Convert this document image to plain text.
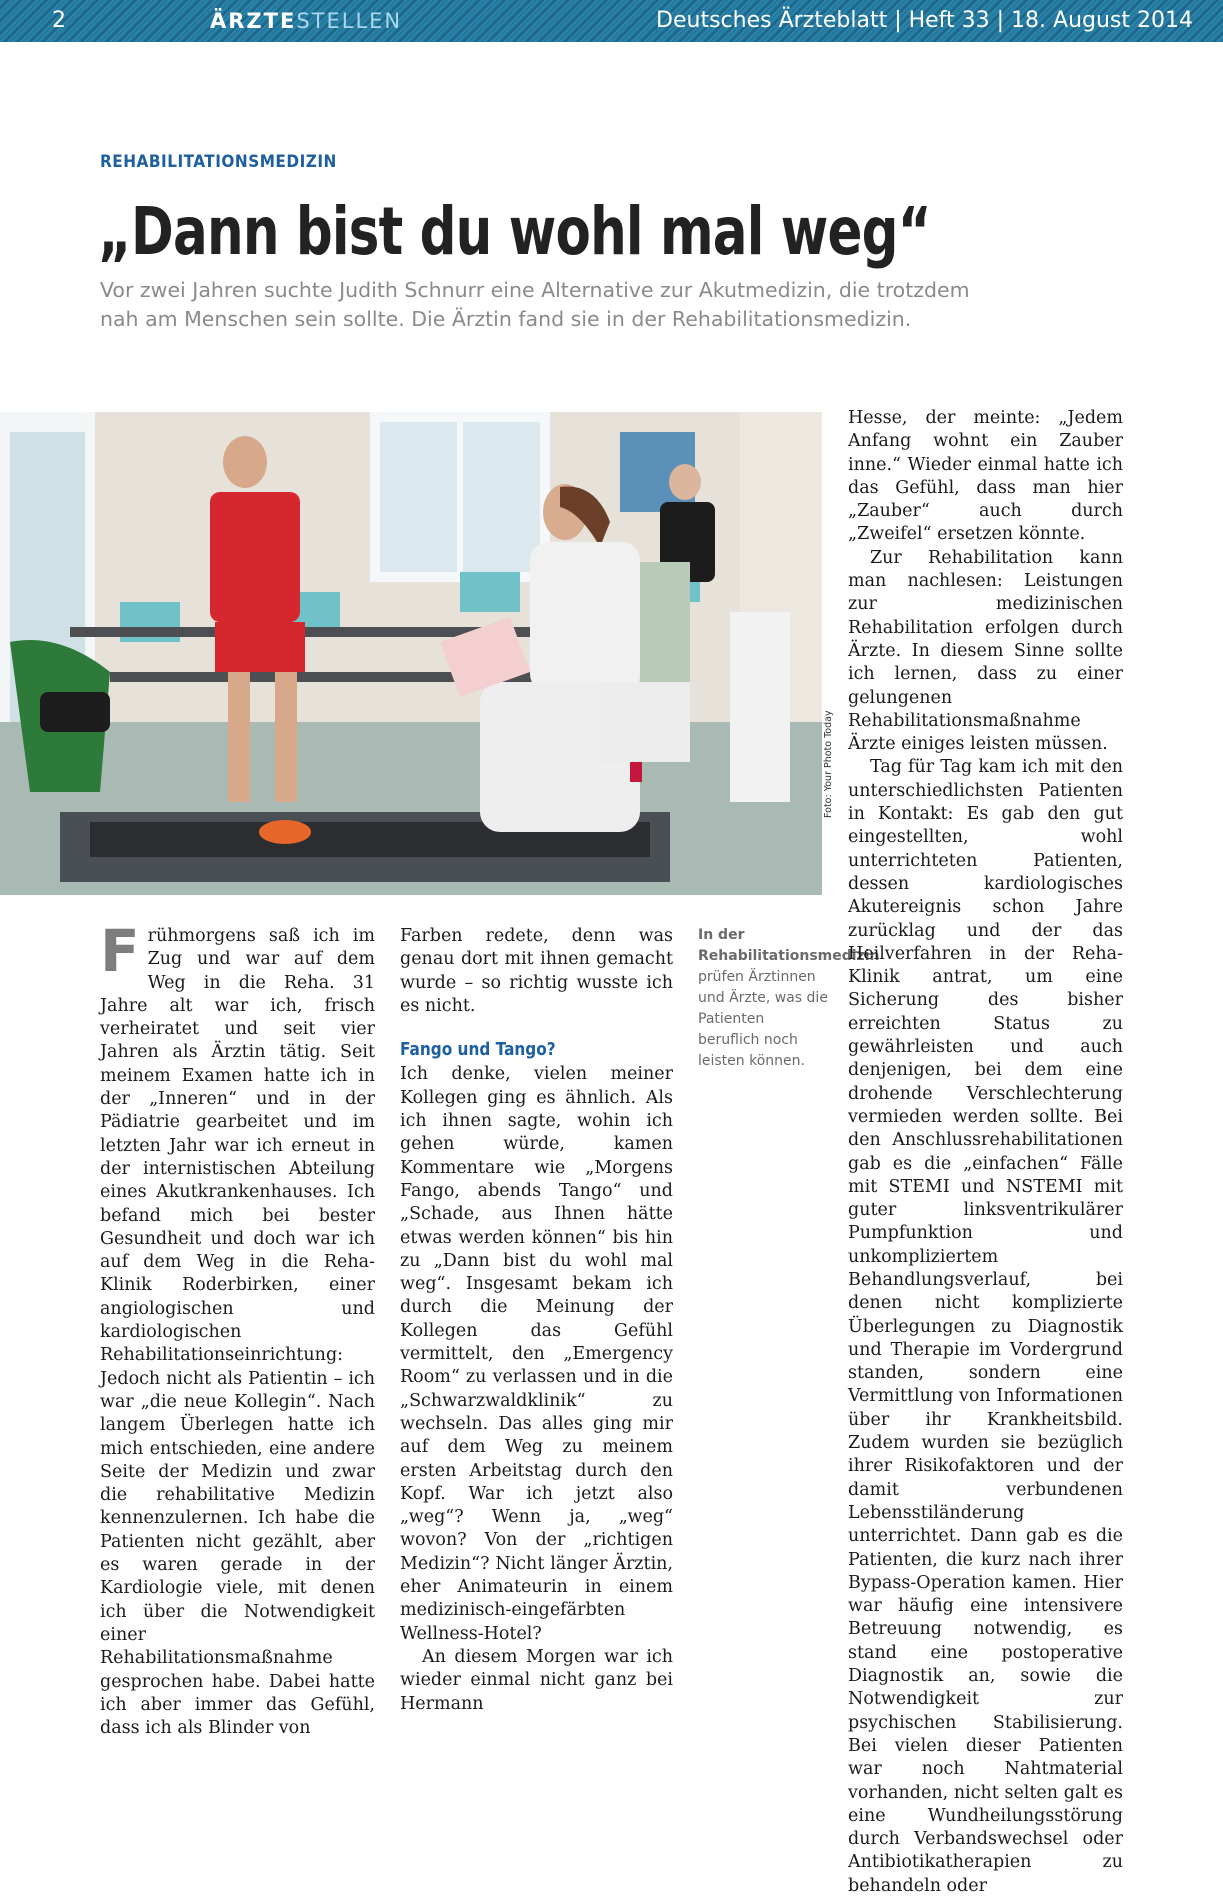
2	ÄRZTESTELLEN	Deutsches Ärzteblatt | Heft 33 | 18. August 2014
REHABILITATIONSMEDIZIN
„Dann bist du wohl mal weg“
Vor zwei Jahren suchte Judith Schnurr eine Alternative zur Akutmedizin, die trotzdem nah am Menschen sein sollte. Die Ärztin fand sie in der Rehabilitationsmedizin.
Foto: Your Photo Today

Frühmorgens saß ich im Zug und war auf dem Weg in die Reha. 31 Jahre alt war ich, frisch verheiratet und seit vier Jahren als Ärztin tätig. Seit meinem Examen hatte ich in der „Inneren“ und in der Pädiatrie gearbeitet und im letzten Jahr war ich erneut in der internistischen Abteilung eines Akutkrankenhauses. Ich befand mich bei bester Gesundheit und doch war ich auf dem Weg in die Reha-Klinik Roderbirken, einer angiologischen und kardiologischen Rehabilitationseinrichtung: Jedoch nicht als Patientin – ich war „die neue Kollegin“. Nach langem Überlegen hatte ich mich entschieden, eine andere Seite der Medizin und zwar die rehabilitative Medizin kennenzulernen. Ich habe die Patienten nicht gezählt, aber es waren gerade in der Kardiologie viele, mit denen ich über die Notwendigkeit einer Rehabilitationsmaßnahme gesprochen habe. Dabei hatte ich aber immer das Gefühl, dass ich als Blinder von

Farben redete, denn was genau dort mit ihnen gemacht wurde – so richtig wusste ich es nicht.

Fango und Tango?

Ich denke, vielen meiner Kollegen ging es ähnlich. Als ich ihnen sagte, wohin ich gehen würde, kamen Kommentare wie „Morgens Fango, abends Tango“ und „Schade, aus Ihnen hätte etwas werden können“ bis hin zu „Dann bist du wohl mal weg“. Insgesamt bekam ich durch die Meinung der Kollegen das Gefühl vermittelt, den „Emergency Room“ zu verlassen und in die „Schwarzwaldklinik“ zu wechseln. Das alles ging mir auf dem Weg zu meinem ersten Arbeitstag durch den Kopf. War ich jetzt also „weg“? Wenn ja, „weg“ wovon? Von der „richtigen Medizin“? Nicht länger Ärztin, eher Animateurin in einem medizinisch-eingefärbten Wellness-Hotel?

An diesem Morgen war ich wieder einmal nicht ganz bei Hermann

In der Rehabilitationsmedizin prüfen Ärztinnen und Ärzte, was die Patienten beruflich noch leisten können.

Hesse, der meinte: „Jedem Anfang wohnt ein Zauber inne.“ Wieder einmal hatte ich das Gefühl, dass man hier „Zauber“ auch durch „Zweifel“ ersetzen könnte.

Zur Rehabilitation kann man nachlesen: Leistungen zur medizinischen Rehabilitation erfolgen durch Ärzte. In diesem Sinne sollte ich lernen, dass zu einer gelungenen Rehabilitationsmaßnahme Ärzte einiges leisten müssen.

Tag für Tag kam ich mit den unterschiedlichsten Patienten in Kontakt: Es gab den gut eingestellten, wohl unterrichteten Patienten, dessen kardiologisches Akutereignis schon Jahre zurücklag und der das Heilverfahren in der Reha-Klinik antrat, um eine Sicherung des bisher erreichten Status zu gewährleisten und auch denjenigen, bei dem eine drohende Verschlechterung vermieden werden sollte. Bei den Anschlussrehabilitationen gab es die „einfachen“ Fälle mit STEMI und NSTEMI mit guter linksventrikulärer Pumpfunktion und unkompliziertem Behandlungsverlauf, bei denen nicht komplizierte Überlegungen zu Diagnostik und Therapie im Vordergrund standen, sondern eine Vermittlung von Informationen über ihr Krankheitsbild. Zudem wurden sie bezüglich ihrer Risikofaktoren und der damit verbundenen Lebensstiländerung unterrichtet. Dann gab es die Patienten, die kurz nach ihrer Bypass-Operation kamen. Hier war häufig eine intensivere Betreuung notwendig, es stand eine postoperative Diagnostik an, sowie die Notwendigkeit zur psychischen Stabilisierung. Bei vielen dieser Patienten war noch Nahtmaterial vorhanden, nicht selten galt es eine Wundheilungsstörung durch Verbandswechsel oder Antibiotikatherapien zu behandeln oder
